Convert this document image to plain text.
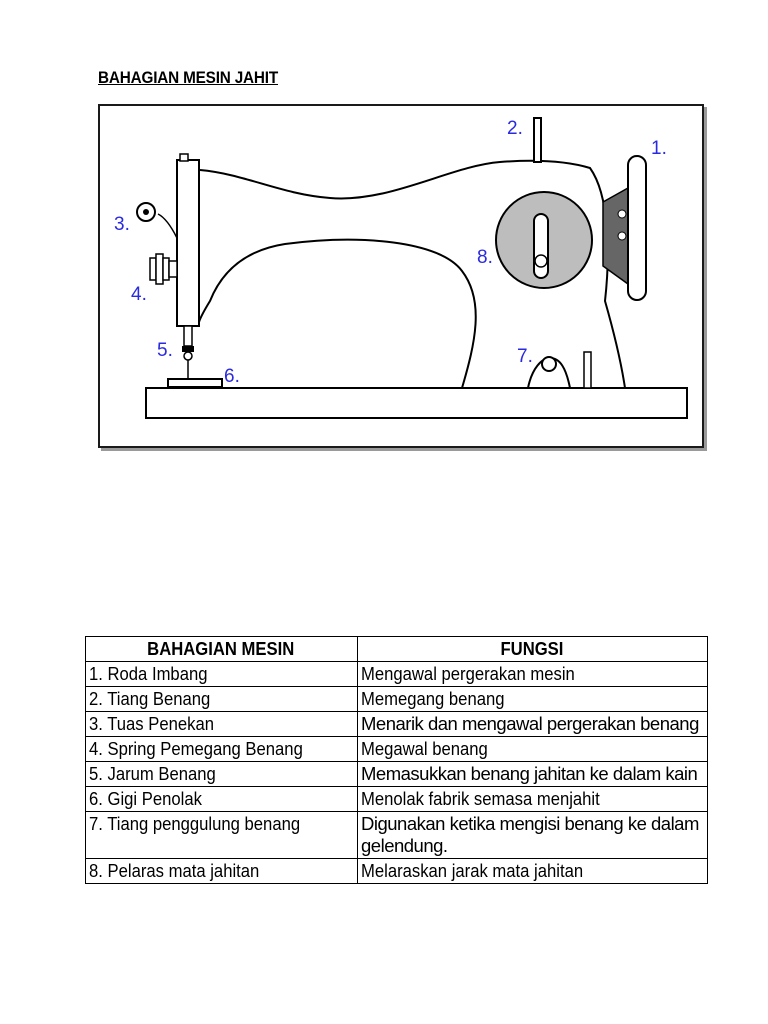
BAHAGIAN MESIN JAHIT
1.
2.
3.
4.
5.
6.
7.
8.
BAHAGIAN MESIN	FUNGSI
1. Roda Imbang	Mengawal pergerakan mesin
2. Tiang Benang	Memegang benang
3. Tuas Penekan	Menarik dan mengawal pergerakan benang

4. Spring Pemegang Benang	Megawal benang
5. Jarum Benang	Memasukkan benang jahitan ke dalam kain

6. Gigi Penolak	Menolak fabrik semasa menjahit
7. Tiang penggulung benang	Digunakan ketika mengisi benang ke dalam gelendung.

8. Pelaras mata jahitan	Melaraskan jarak mata jahitan
